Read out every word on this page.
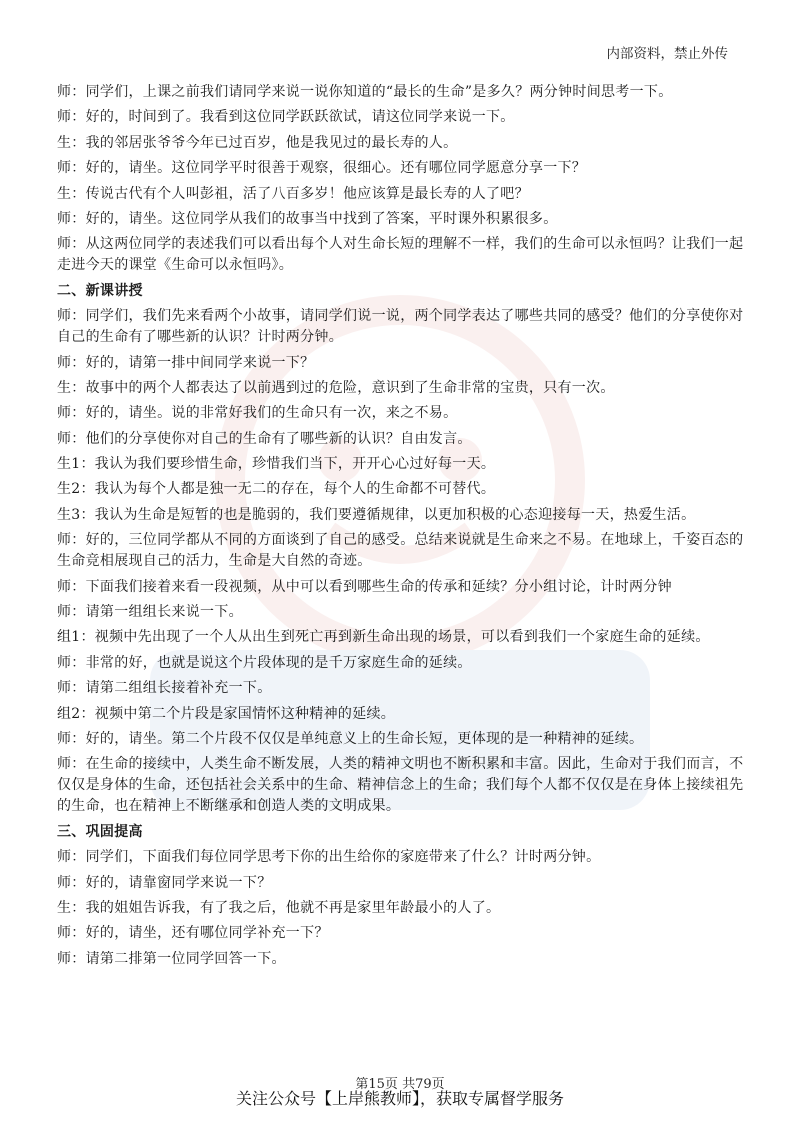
内部资料，禁止外传

师：同学们，上课之前我们请同学来说一说你知道的“最长的生命”是多久？两分钟时间思考一下。

师：好的，时间到了。我看到这位同学跃跃欲试，请这位同学来说一下。

生：我的邻居张爷爷今年已过百岁，他是我见过的最长寿的人。

师：好的，请坐。这位同学平时很善于观察，很细心。还有哪位同学愿意分享一下？

生：传说古代有个人叫彭祖，活了八百多岁！他应该算是最长寿的人了吧？

师：好的，请坐。这位同学从我们的故事当中找到了答案，平时课外积累很多。

师：从这两位同学的表述我们可以看出每个人对生命长短的理解不一样，我们的生命可以永恒吗？让我们一起走进今天的课堂《生命可以永恒吗》。

二、新课讲授

师：同学们，我们先来看两个小故事，请同学们说一说，两个同学表达了哪些共同的感受？他们的分享使你对自己的生命有了哪些新的认识？计时两分钟。

师：好的，请第一排中间同学来说一下？

生：故事中的两个人都表达了以前遇到过的危险，意识到了生命非常的宝贵，只有一次。

师：好的，请坐。说的非常好我们的生命只有一次，来之不易。

师：他们的分享使你对自己的生命有了哪些新的认识？自由发言。

生1：我认为我们要珍惜生命，珍惜我们当下，开开心心过好每一天。

生2：我认为每个人都是独一无二的存在，每个人的生命都不可替代。

生3：我认为生命是短暂的也是脆弱的，我们要遵循规律，以更加积极的心态迎接每一天，热爱生活。

师：好的，三位同学都从不同的方面谈到了自己的感受。总结来说就是生命来之不易。在地球上，千姿百态的生命竞相展现自己的活力，生命是大自然的奇迹。

师：下面我们接着来看一段视频，从中可以看到哪些生命的传承和延续？分小组讨论，计时两分钟

师：请第一组组长来说一下。

组1：视频中先出现了一个人从出生到死亡再到新生命出现的场景，可以看到我们一个家庭生命的延续。

师：非常的好，也就是说这个片段体现的是千万家庭生命的延续。

师：请第二组组长接着补充一下。

组2：视频中第二个片段是家国情怀这种精神的延续。

师：好的，请坐。第二个片段不仅仅是单纯意义上的生命长短，更体现的是一种精神的延续。

师：在生命的接续中，人类生命不断发展，人类的精神文明也不断积累和丰富。因此，生命对于我们而言，不仅仅是身体的生命，还包括社会关系中的生命、精神信念上的生命；我们每个人都不仅仅是在身体上接续祖先的生命，也在精神上不断继承和创造人类的文明成果。

三、巩固提高

师：同学们，下面我们每位同学思考下你的出生给你的家庭带来了什么？计时两分钟。

师：好的，请靠窗同学来说一下？

生：我的姐姐告诉我，有了我之后，他就不再是家里年龄最小的人了。

师：好的，请坐，还有哪位同学补充一下？

师：请第二排第一位同学回答一下。

第15页 共79页
关注公众号【上岸熊教师】，获取专属督学服务
